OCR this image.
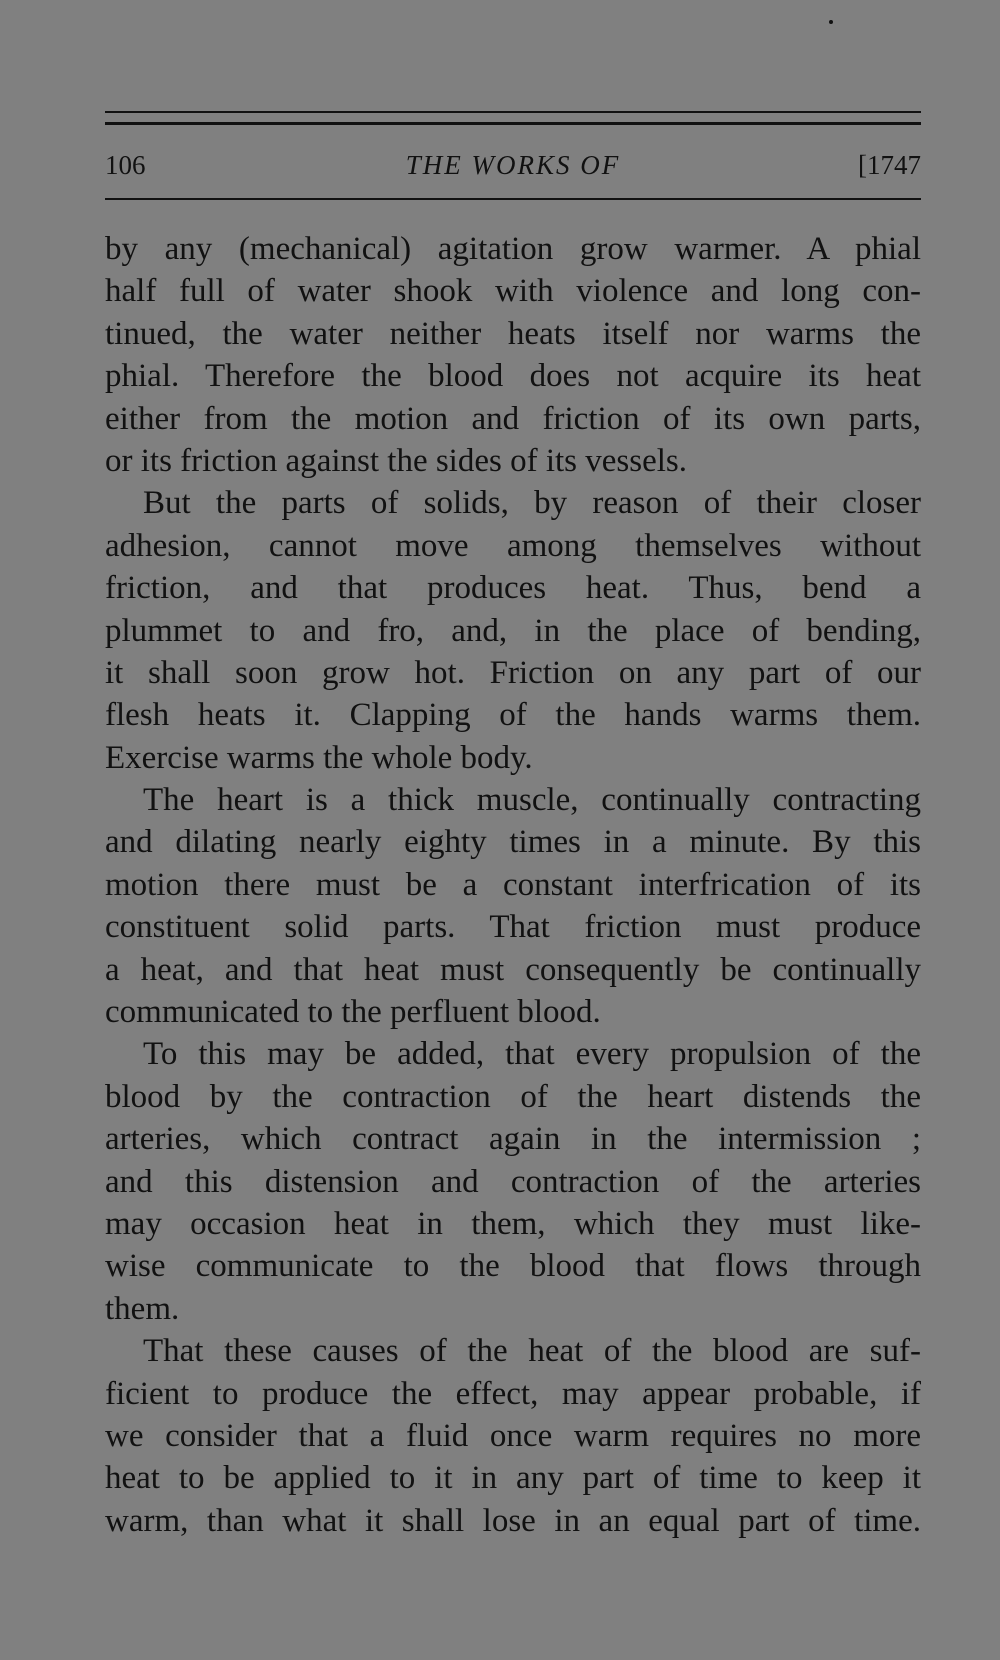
106	THE WORKS OF	[1747
by any (mechanical) agitation grow warmer. A phial
half full of water shook with violence and long con-
tinued, the water neither heats itself nor warms the
phial. Therefore the blood does not acquire its heat
either from the motion and friction of its own parts,
or its friction against the sides of its vessels.
But the parts of solids, by reason of their closer
adhesion, cannot move among themselves without
friction, and that produces heat. Thus, bend a
plummet to and fro, and, in the place of bending,
it shall soon grow hot. Friction on any part of our
flesh heats it. Clapping of the hands warms them.
Exercise warms the whole body.
The heart is a thick muscle, continually contracting
and dilating nearly eighty times in a minute. By this
motion there must be a constant interfrication of its
constituent solid parts. That friction must produce
a heat, and that heat must consequently be continually
communicated to the perfluent blood.
To this may be added, that every propulsion of the
blood by the contraction of the heart distends the
arteries, which contract again in the intermission ;
and this distension and contraction of the arteries
may occasion heat in them, which they must like-
wise communicate to the blood that flows through
them.
That these causes of the heat of the blood are suf-
ficient to produce the effect, may appear probable, if
we consider that a fluid once warm requires no more
heat to be applied to it in any part of time to keep it
warm, than what it shall lose in an equal part of time.
